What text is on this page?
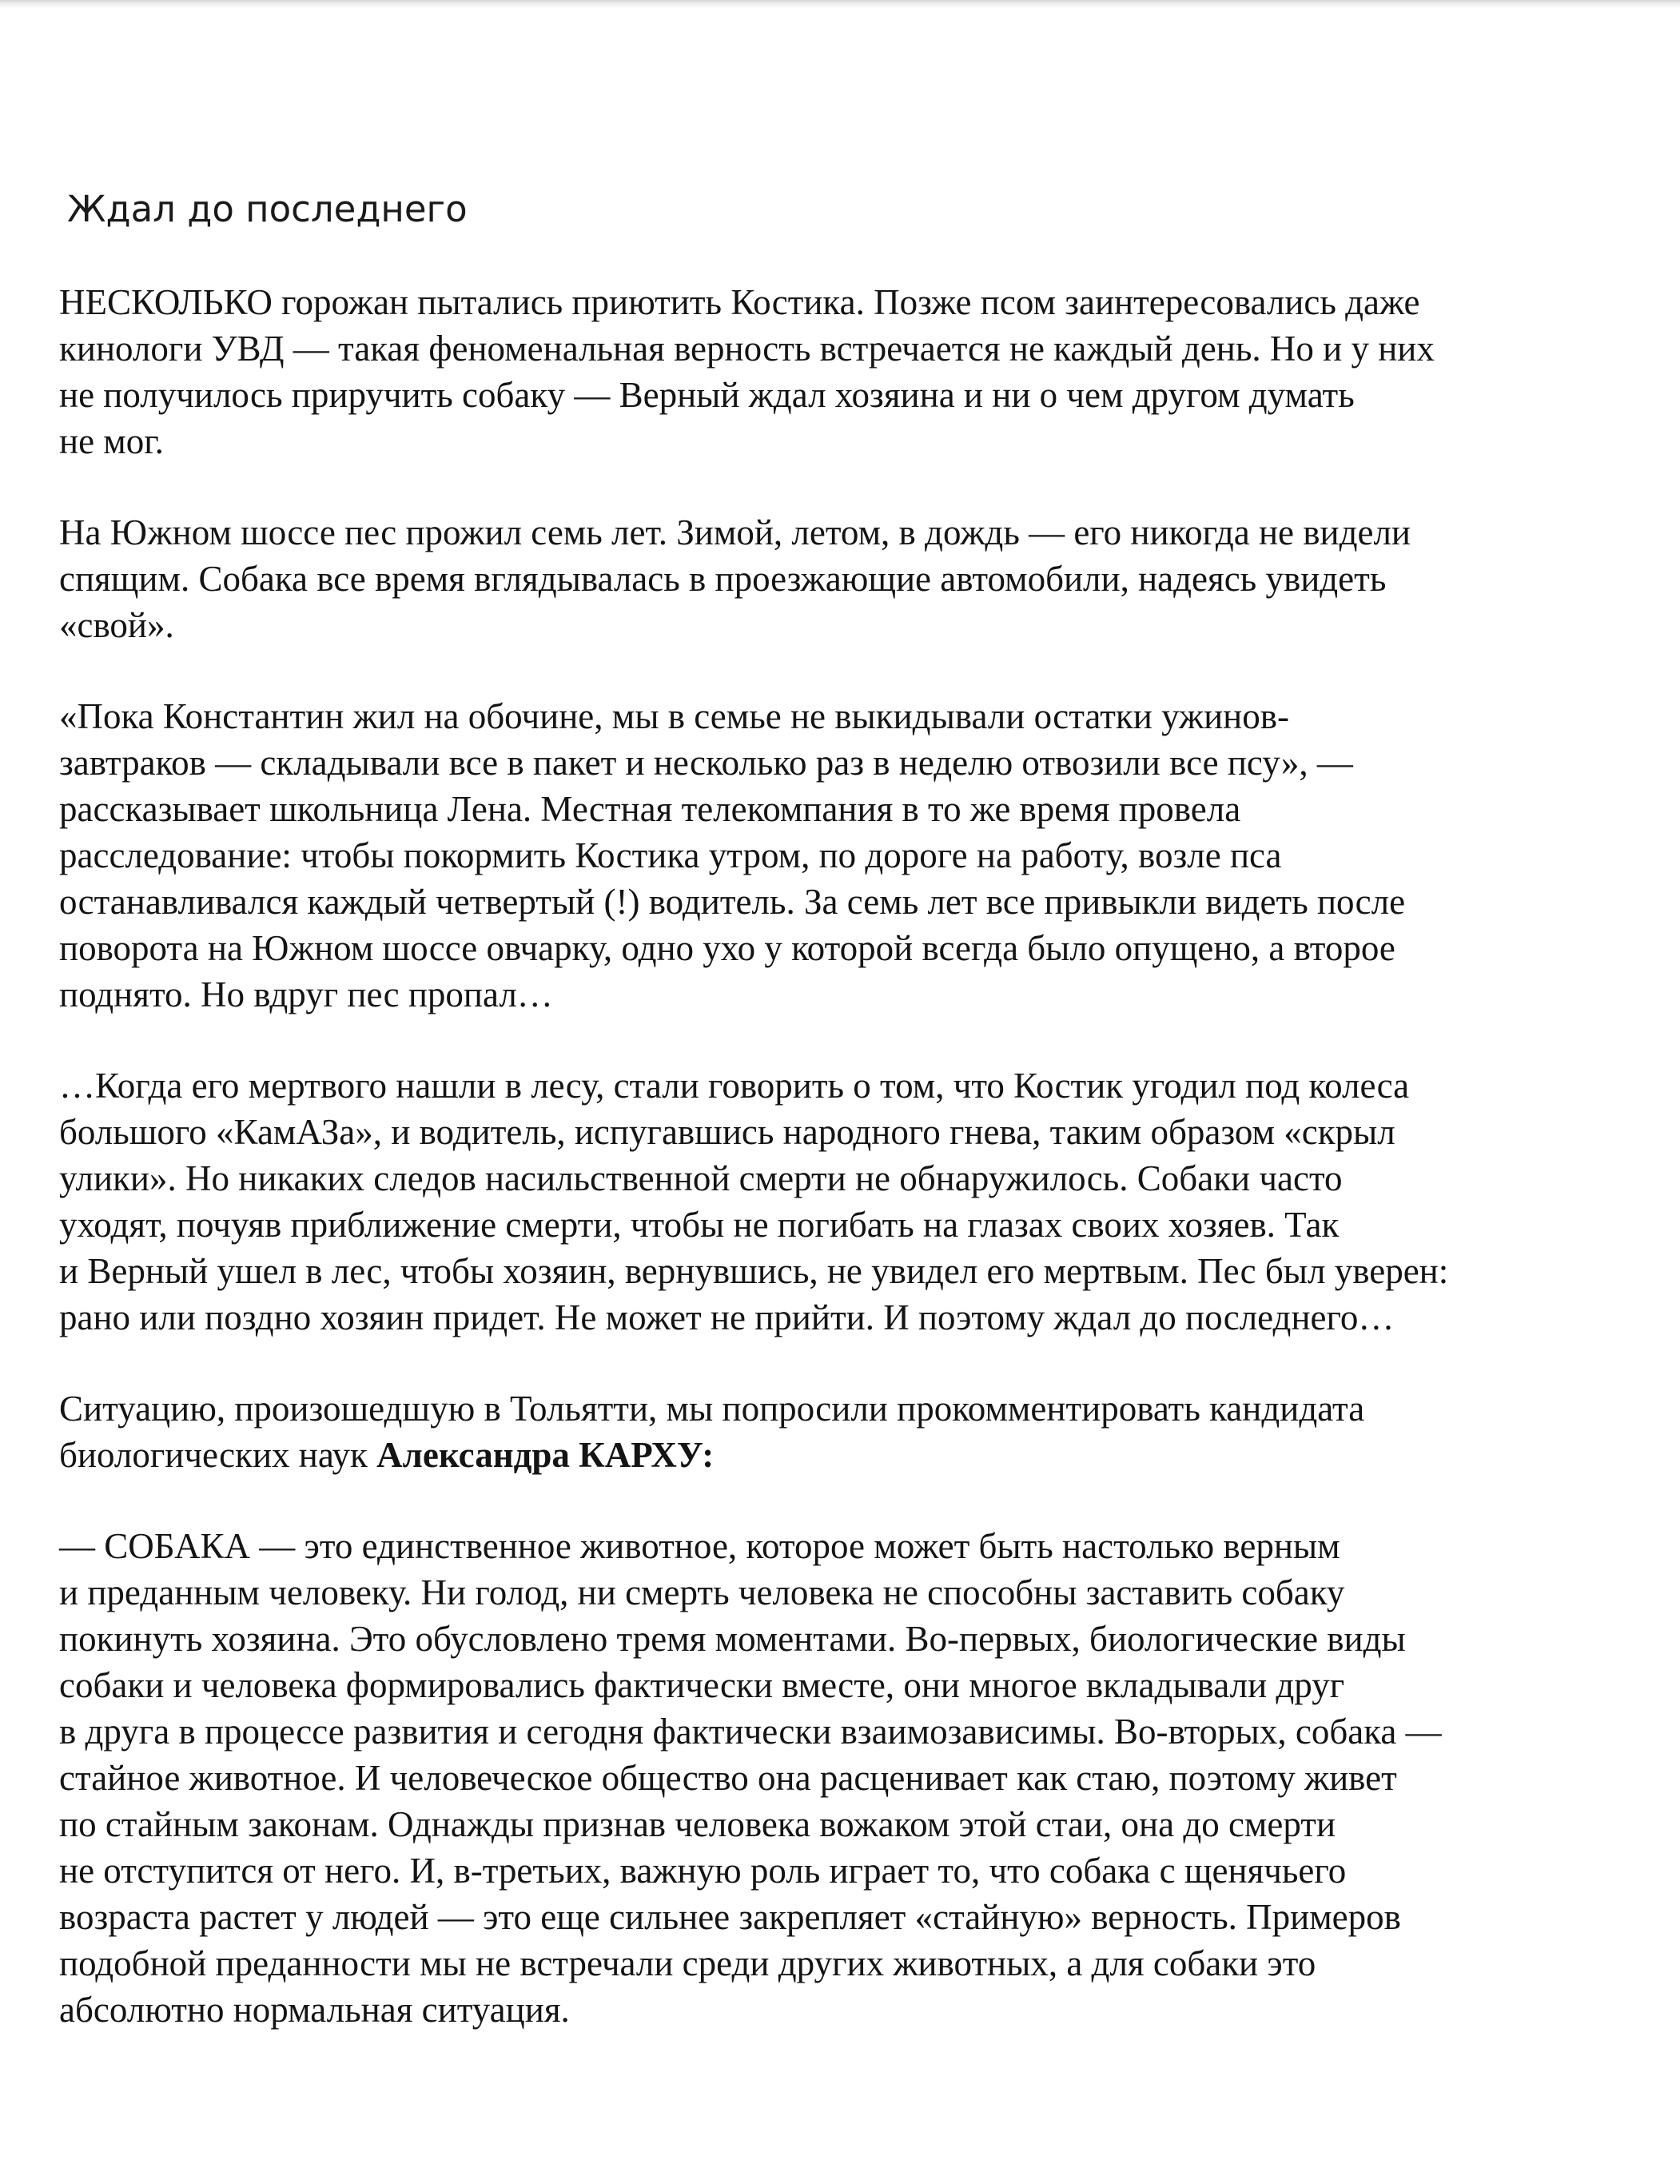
Ждал до последнего

НЕСКОЛЬКО горожан пытались приютить Костика. Позже псом заинтересовались даже
кинологи УВД — такая феноменальная верность встречается не каждый день. Но и у них
не получилось приручить собаку — Верный ждал хозяина и ни о чем другом думать
не мог.

На Южном шоссе пес прожил семь лет. Зимой, летом, в дождь — его никогда не видели
спящим. Собака все время вглядывалась в проезжающие автомобили, надеясь увидеть
«свой».

«Пока Константин жил на обочине, мы в семье не выкидывали остатки ужинов-
завтраков — складывали все в пакет и несколько раз в неделю отвозили все псу», —
рассказывает школьница Лена. Местная телекомпания в то же время провела
расследование: чтобы покормить Костика утром, по дороге на работу, возле пса
останавливался каждый четвертый (!) водитель. За семь лет все привыкли видеть после
поворота на Южном шоссе овчарку, одно ухо у которой всегда было опущено, а второе
поднято. Но вдруг пес пропал…

…Когда его мертвого нашли в лесу, стали говорить о том, что Костик угодил под колеса
большого «КамАЗа», и водитель, испугавшись народного гнева, таким образом «скрыл
улики». Но никаких следов насильственной смерти не обнаружилось. Собаки часто
уходят, почуяв приближение смерти, чтобы не погибать на глазах своих хозяев. Так
и Верный ушел в лес, чтобы хозяин, вернувшись, не увидел его мертвым. Пес был уверен:
рано или поздно хозяин придет. Не может не прийти. И поэтому ждал до последнего…

Ситуацию, произошедшую в Тольятти, мы попросили прокомментировать кандидата
биологических наук Александра КАРХУ:

— СОБАКА — это единственное животное, которое может быть настолько верным
и преданным человеку. Ни голод, ни смерть человека не способны заставить собаку
покинуть хозяина. Это обусловлено тремя моментами. Во-первых, биологические виды
собаки и человека формировались фактически вместе, они многое вкладывали друг
в друга в процессе развития и сегодня фактически взаимозависимы. Во-вторых, собака —
стайное животное. И человеческое общество она расценивает как стаю, поэтому живет
по стайным законам. Однажды признав человека вожаком этой стаи, она до смерти
не отступится от него. И, в-третьих, важную роль играет то, что собака с щенячьего
возраста растет у людей — это еще сильнее закрепляет «стайную» верность. Примеров
подобной преданности мы не встречали среди других животных, а для собаки это
абсолютно нормальная ситуация.
